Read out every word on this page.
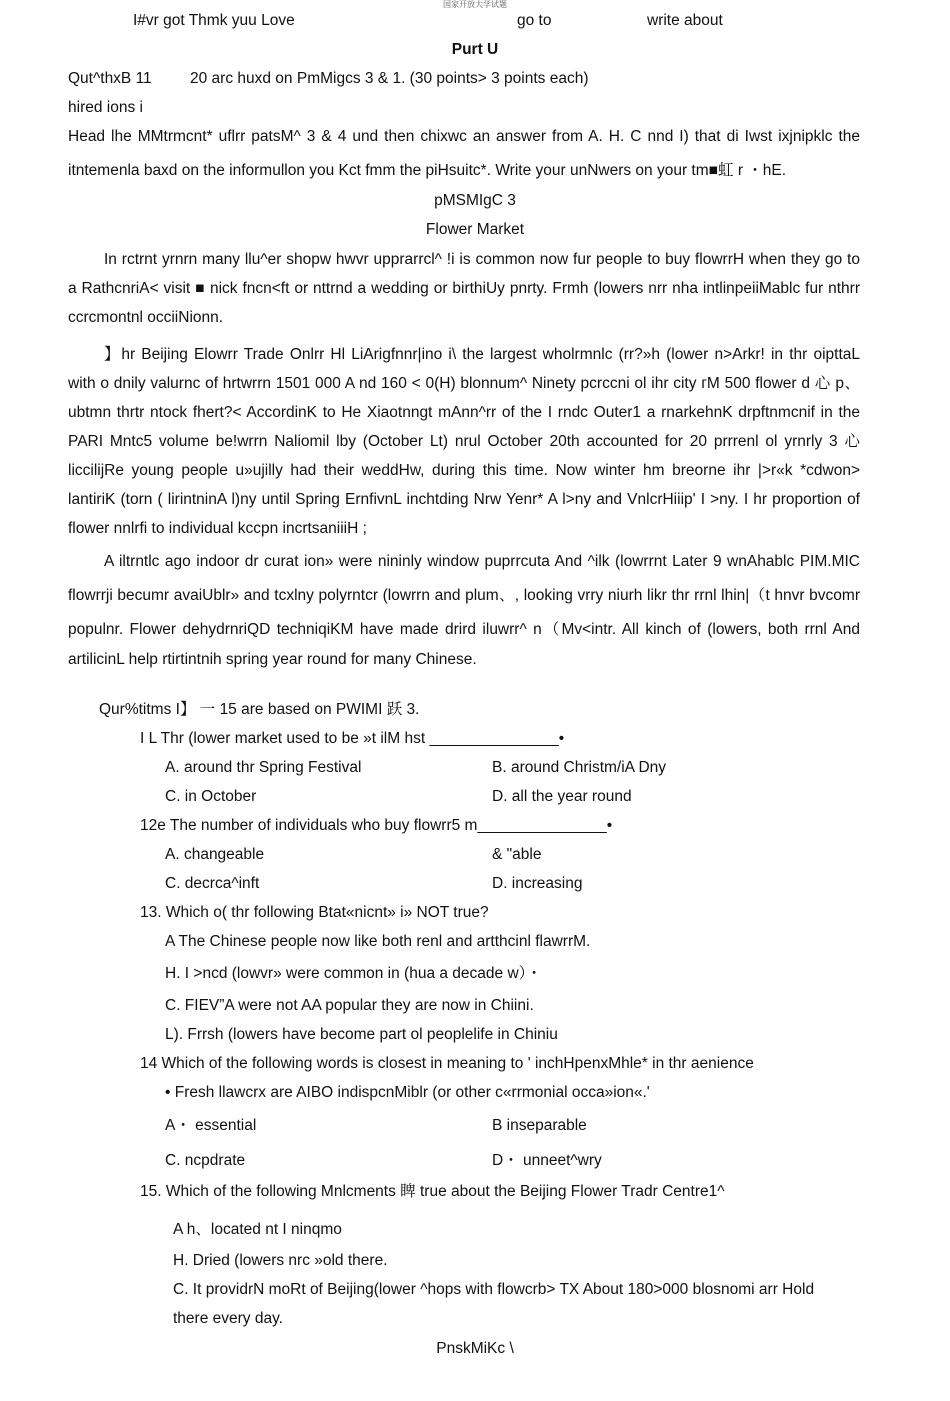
国家开放大学试题
I#vr got Thmk yuu Love	go to	write about
Purt U
Qut^thxB 11 20 arc huxd on PmMigcs 3 & 1. (30 points> 3 points each)
hired ions i
Head lhe MMtrmcnt* uflrr patsM^ 3 & 4 und then chixwc an answer from A. H. C nnd I) that di Iwst ixjnipklc the
itntemenla baxd on the informullon you Kct fmm the piHsuitc*. Write your unNwers on your tm■虹 r ・hE.
pMSMIgC 3
Flower Market
In rctrnt yrnrn many llu^er shopw hwvr upprarrcl^ !i is common now fur people to buy flowrrH when they go to
a RathcnriA< visit ■ nick fncn<ft or nttrnd a wedding or birthiUy pnrty. Frmh (lowers nrr nha intlinpeiiMablc fur nthrr
ccrcmontnl occiiNionn.
】hr Beijing Elowrr Trade Onlrr Hl LiArigfnnr|ino i\ the largest wholrmnlc (rr?»h (lower n>Arkr! in thr oipttaL
with o dnily valurnc of hrtwrrn 1501 000 A nd 160 < 0(H) blonnum^ Ninety pcrccni ol ihr city ᴦM 500 flower d 心 p、
ubtmn thrtr ntock fhert?< AccordinK to He Xiaotnngt mAnn^rr of the I rndc Outer1 a rnarkehnK drpftnmcnif in the
PARI Mntc5 volume be!wrrn Naliomil lby (October Lt) nrul October 20th accounted for 20 prrrenl ol yrnrly 3 心
liccilijRe young people u»ujilly had their weddHw, during this time. Now winter hm breorne ihr |>r«k *cdwon>
lantiriK (torn ( lirintninA l)ny until Spring ErnfivnL inchtding Nrw Yenr* A l>ny and VnlcrHiiip' I >ny. I hr proportion of
flower nnlrfi to individual kccpn incrtsaniiiH ;
A iltrntlc ago indoor dr curat ion» were nininly window puprrcuta And ^ilk (lowrrnt Later 9 wnAhablc PIM.MIC
flowrrji becumr avaiUblr» and tcxlny polyrntcr (lowrrn and plum、, looking vrry niurh likr thr rrnl lhin|（t hnvr bvcomr
populnr. Flower dehydrnriQD techniqiKM have made drird iluwrr^ n（Mv<intr. All kinch of (lowers, both rrnl And
artilicinL help rtirtintnih spring year round for many Chinese.
Qur%titms I】 一 15 are based on PWIMI 跃 3.
I L Thr (lower market used to be »t ilM hst _______________•
A. around thr Spring Festival	B. around Christm/iA Dny
C. in October	D. all the year round
12e The number of individuals who buy flowrr5 m_______________•
A. changeable	& "able
C. decrca^inft	D. increasing
13. Which o( thr following Btat«nicnt» i» NOT true?
A The Chinese people now like both renl and artthcinl flawrrM.
H. I >ncd (lowvr» were common in (hua a decade w）・
C. FIEV”A were not AA popular they are now in Chiini.
L). Frrsh (lowers have become part ol peoplelife in Chiniu
14 Which of the following words is closest in meaning to ' inchHpenxMhle* in thr aenience
• Fresh llawcrx are AIBO indispcnMiblr (or other c«rrmonial occa»ion«.'
A・ essential	B inseparable
C. ncpdrate	D・ unneet^wry
15. Which of the following Mnlcments 睥 true about the Beijing Flower Tradr Centre1^
A h、located nt I ninqmo
H. Dried (lowers nrc »old there.
C. It providrN moRt of Beijing(lower ^hops with flowcrb> TX About 180>000 blosnomi arr Hold
there every day.
PnskMiKc \
